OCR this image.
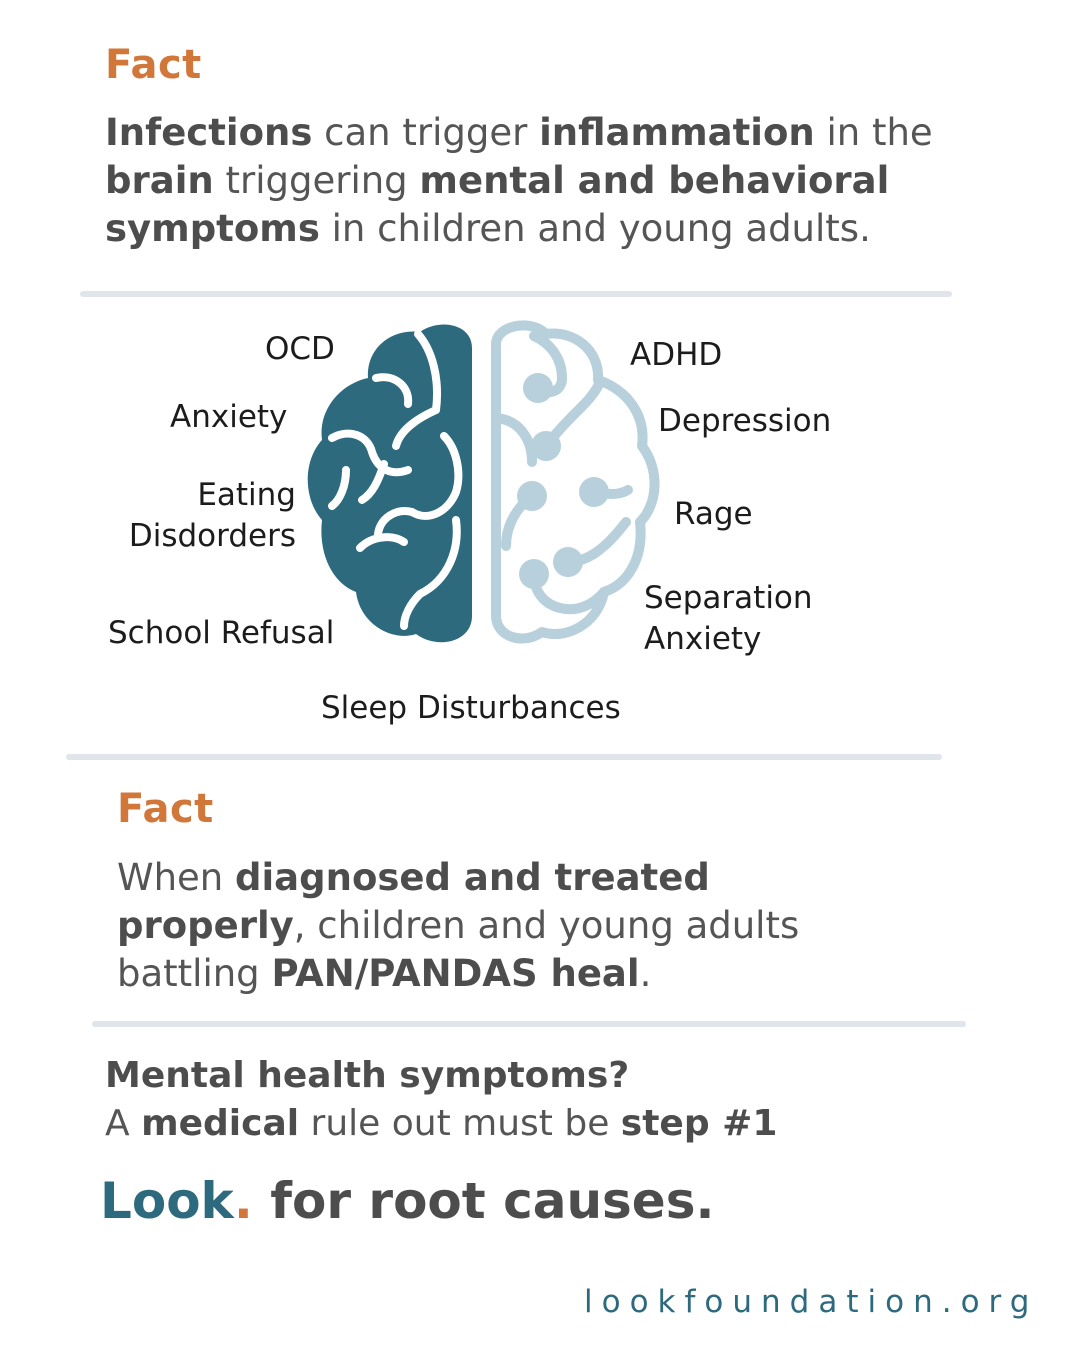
Fact
Infections can trigger inflammation in the brain triggering mental and behavioral symptoms in children and young adults.
OCD
Anxiety
Eating Disdorders
School Refusal
ADHD
Depression
Rage
Separation Anxiety
Sleep Disturbances
Fact
When diagnosed and treated properly, children and young adults battling PAN/PANDAS heal.
Mental health symptoms?
A medical rule out must be step #1
Look. for root causes.
lookfoundation.org
